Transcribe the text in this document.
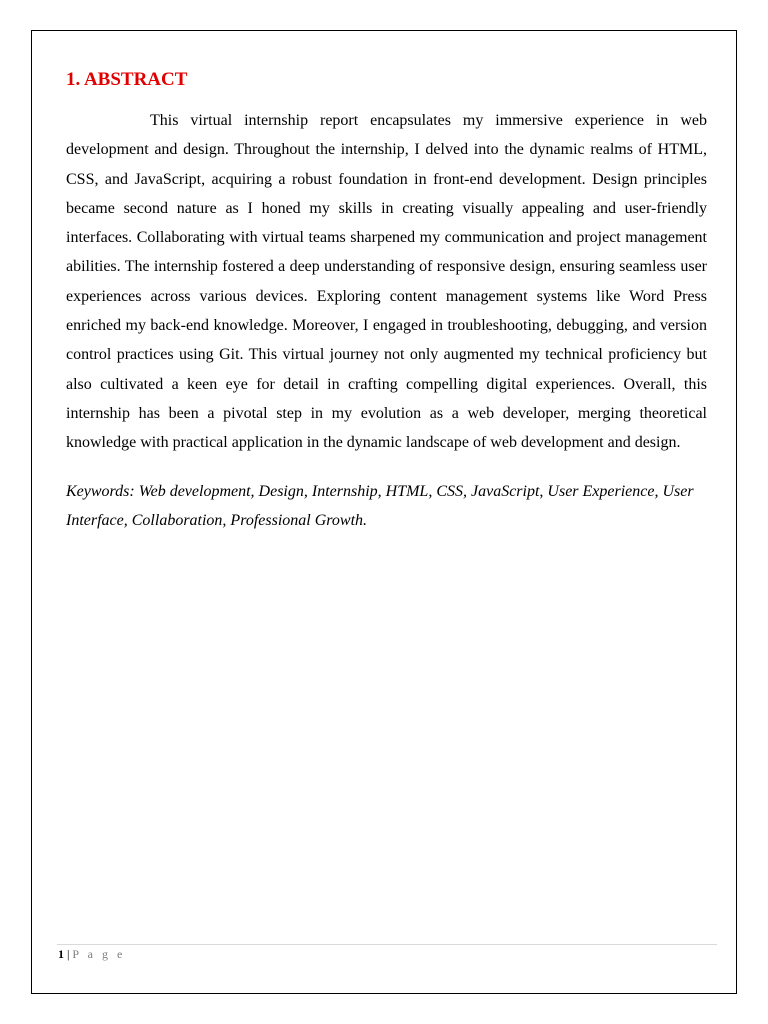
1. ABSTRACT

This virtual internship report encapsulates my immersive experience in web development and design. Throughout the internship, I delved into the dynamic realms of HTML, CSS, and JavaScript, acquiring a robust foundation in front-end development. Design principles became second nature as I honed my skills in creating visually appealing and user-friendly interfaces. Collaborating with virtual teams sharpened my communication and project management abilities. The internship fostered a deep understanding of responsive design, ensuring seamless user experiences across various devices. Exploring content management systems like Word Press enriched my back-end knowledge. Moreover, I engaged in troubleshooting, debugging, and version control practices using Git. This virtual journey not only augmented my technical proficiency but also cultivated a keen eye for detail in crafting compelling digital experiences. Overall, this internship has been a pivotal step in my evolution as a web developer, merging theoretical knowledge with practical application in the dynamic landscape of web development and design.

Keywords: Web development, Design, Internship, HTML, CSS, JavaScript, User Experience, User Interface, Collaboration, Professional Growth.

1 | P a g e
